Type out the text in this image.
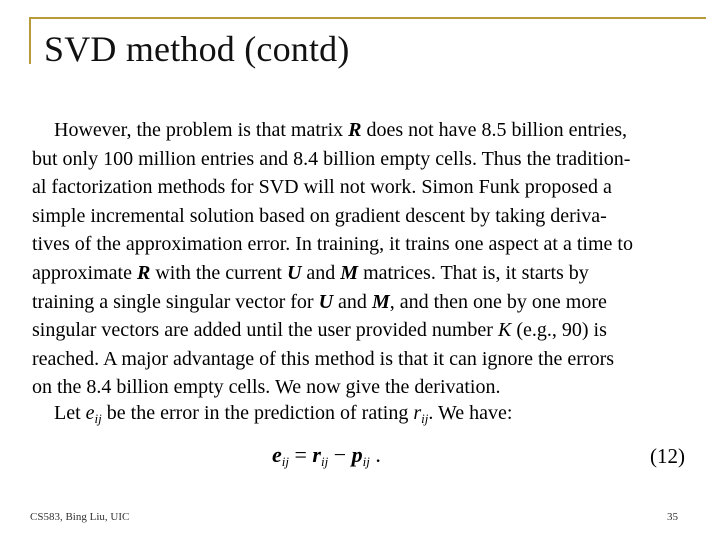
SVD method (contd)
However, the problem is that matrix R does not have 8.5 billion entries,
but only 100 million entries and 8.4 billion empty cells. Thus the tradition-
al factorization methods for SVD will not work. Simon Funk proposed a
simple incremental solution based on gradient descent by taking deriva-
tives of the approximation error. In training, it trains one aspect at a time to
approximate R with the current U and M matrices. That is, it starts by
training a single singular vector for U and M, and then one by one more
singular vectors are added until the user provided number K (e.g., 90) is
reached. A major advantage of this method is that it can ignore the errors
on the 8.4 billion empty cells. We now give the derivation.
Let $e_{ij}$ be the error in the prediction of rating $r_{ij}$. We have:
$e_{ij} = r_{ij} - p_{ij}$ .	(12)
CS583, Bing Liu, UIC	35
